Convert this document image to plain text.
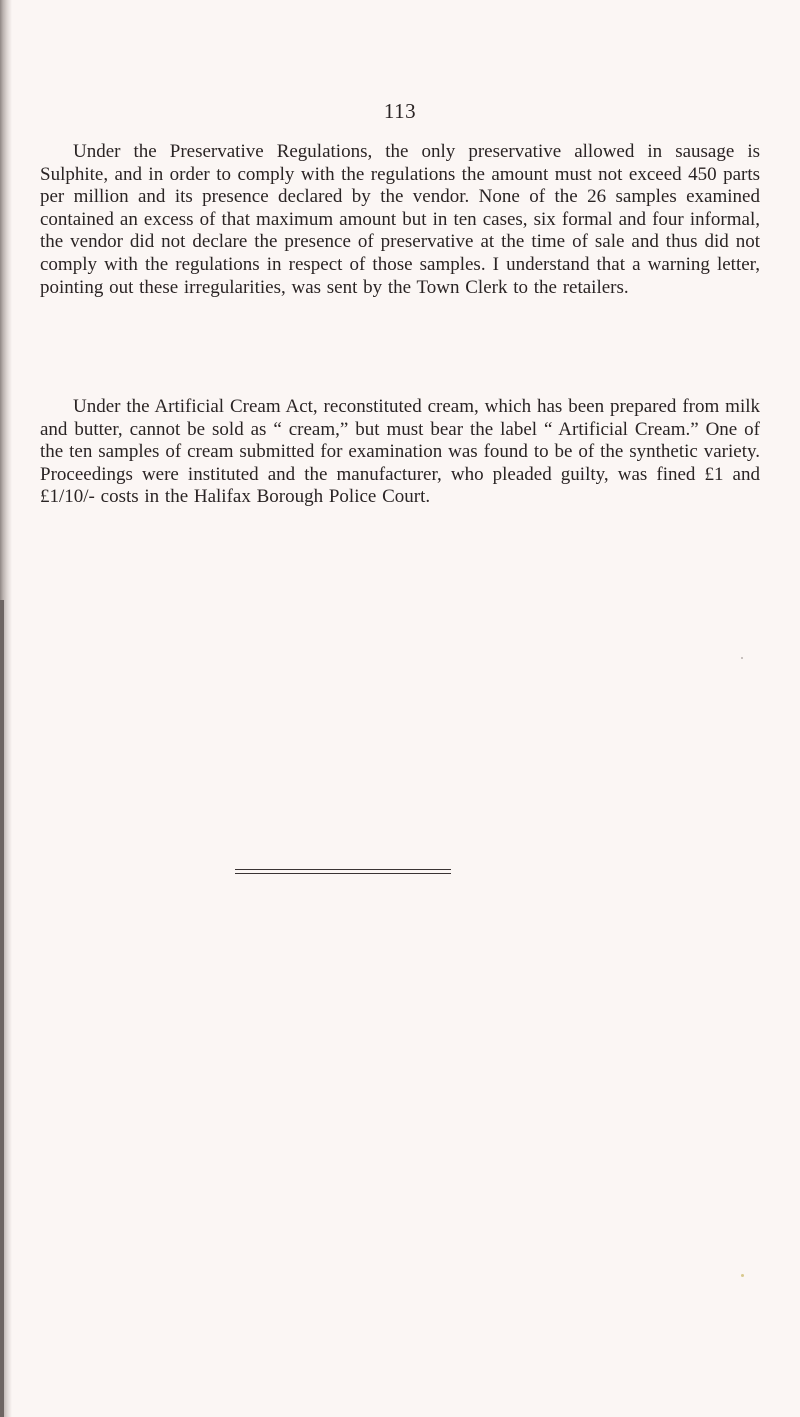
113

Under the Preservative Regulations, the only preservative allowed in sausage is Sulphite, and in order to comply with the regulations the amount must not exceed 450 parts per million and its presence declared by the vendor. None of the 26 samples examined contained an excess of that maximum amount but in ten cases, six formal and four informal, the vendor did not declare the presence of preservative at the time of sale and thus did not comply with the regulations in respect of those samples. I understand that a warning letter, pointing out these irregularities, was sent by the Town Clerk to the retailers.

Under the Artificial Cream Act, reconstituted cream, which has been prepared from milk and butter, cannot be sold as “ cream,” but must bear the label “ Artificial Cream.” One of the ten samples of cream submitted for examination was found to be of the synthetic variety. Proceedings were instituted and the manufacturer, who pleaded guilty, was fined £1 and £1/10/- costs in the Halifax Borough Police Court.
